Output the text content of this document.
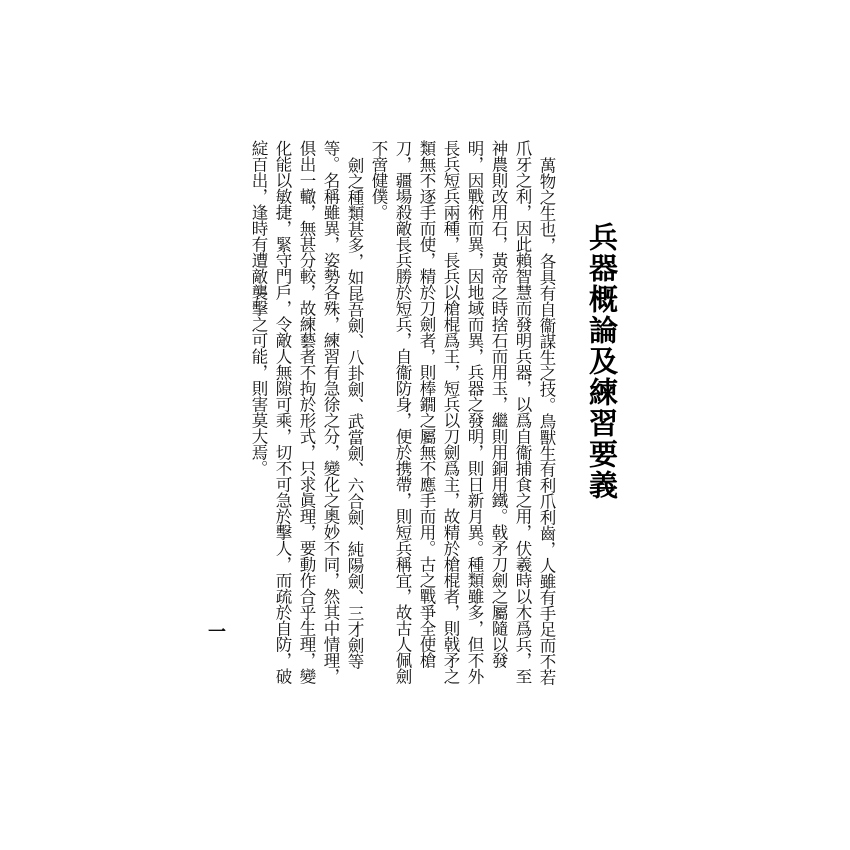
兵器概論及練習要義

萬物之生也，各具有自衞謀生之技。鳥獸生有利爪利齒，人雖有手足而不若爪牙之利，因此賴智慧而發明兵器，以爲自衞捕食之用，伏羲時以木爲兵，至神農則改用石，黃帝之時捨石而用玉，繼則用銅用鐵。戟矛刀劍之屬隨以發明，因戰術而異，因地域而異，兵器之發明，則日新月異。種類雖多，但不外長兵短兵兩種，長兵以槍棍爲王，短兵以刀劍爲主，故精於槍棍者，則戟矛之類無不逐手而使，精於刀劍者，則棒鐗之屬無不應手而用。古之戰爭全使槍刀，疆場殺敵長兵勝於短兵，自衞防身，便於携帶，則短兵稱宜，故古人佩劍不啻健僕。

劍之種類甚多，如昆吾劍、八卦劍、武當劍、六合劍、純陽劍、三才劍等等。名稱雖異，姿勢各殊，練習有急徐之分，變化之奧妙不同，然其中情理，俱出一轍，無甚分較，故練藝者不拘於形式，只求眞理，要動作合乎生理，變化能以敏捷，緊守門戶，令敵人無隙可乘，切不可急於擊人，而疏於自防，破綻百出，逢時有遭敵襲擊之可能，則害莫大焉。

一
